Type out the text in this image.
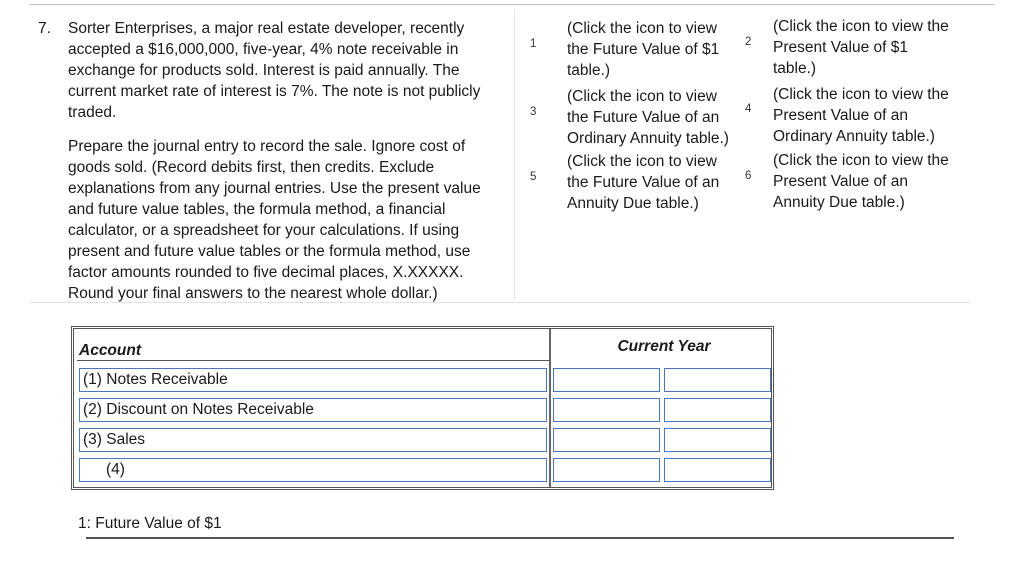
7. Sorter Enterprises, a major real estate developer, recently
accepted a $16,000,000, five-year, 4% note receivable in
exchange for products sold. Interest is paid annually. The
current market rate of interest is 7%. The note is not publicly
traded.
Prepare the journal entry to record the sale. Ignore cost of
goods sold. (Record debits first, then credits. Exclude
explanations from any journal entries. Use the present value
and future value tables, the formula method, a financial
calculator, or a spreadsheet for your calculations. If using
present and future value tables or the formula method, use
factor amounts rounded to five decimal places, X.XXXXX.
Round your final answers to the nearest whole dollar.)
1
(Click the icon to view
the Future Value of $1
table.)
2
(Click the icon to view the
Present Value of $1
table.)
3
(Click the icon to view
the Future Value of an
Ordinary Annuity table.)
4
(Click the icon to view the
Present Value of an
Ordinary Annuity table.)
5
(Click the icon to view
the Future Value of an
Annuity Due table.)
6
(Click the icon to view the
Present Value of an
Annuity Due table.)
Account	Current Year
(1) Notes Receivable
(2) Discount on Notes Receivable
(3) Sales
(4)
1: Future Value of $1
